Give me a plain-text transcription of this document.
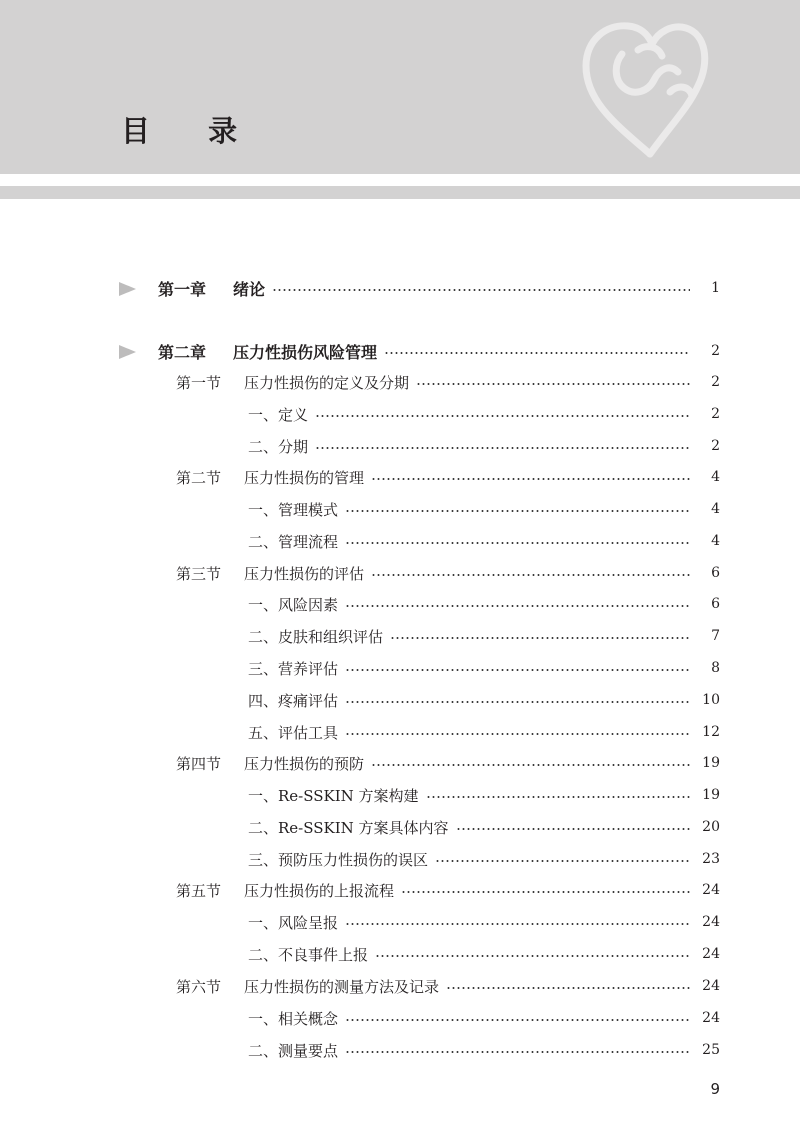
目 录
第一章	绪论	1
第二章	压力性损伤风险管理	2
第一节	压力性损伤的定义及分期	2
一、定义	2
二、分期	2
第二节	压力性损伤的管理	4
一、管理模式	4
二、管理流程	4
第三节	压力性损伤的评估	6
一、风险因素	6
二、皮肤和组织评估	7
三、营养评估	8
四、疼痛评估	10
五、评估工具	12
第四节	压力性损伤的预防	19
一、Re-SSKIN 方案构建	19
二、Re-SSKIN 方案具体内容	20
三、预防压力性损伤的误区	23
第五节	压力性损伤的上报流程	24
一、风险呈报	24
二、不良事件上报	24
第六节	压力性损伤的测量方法及记录	24
一、相关概念	24
二、测量要点	25
9
